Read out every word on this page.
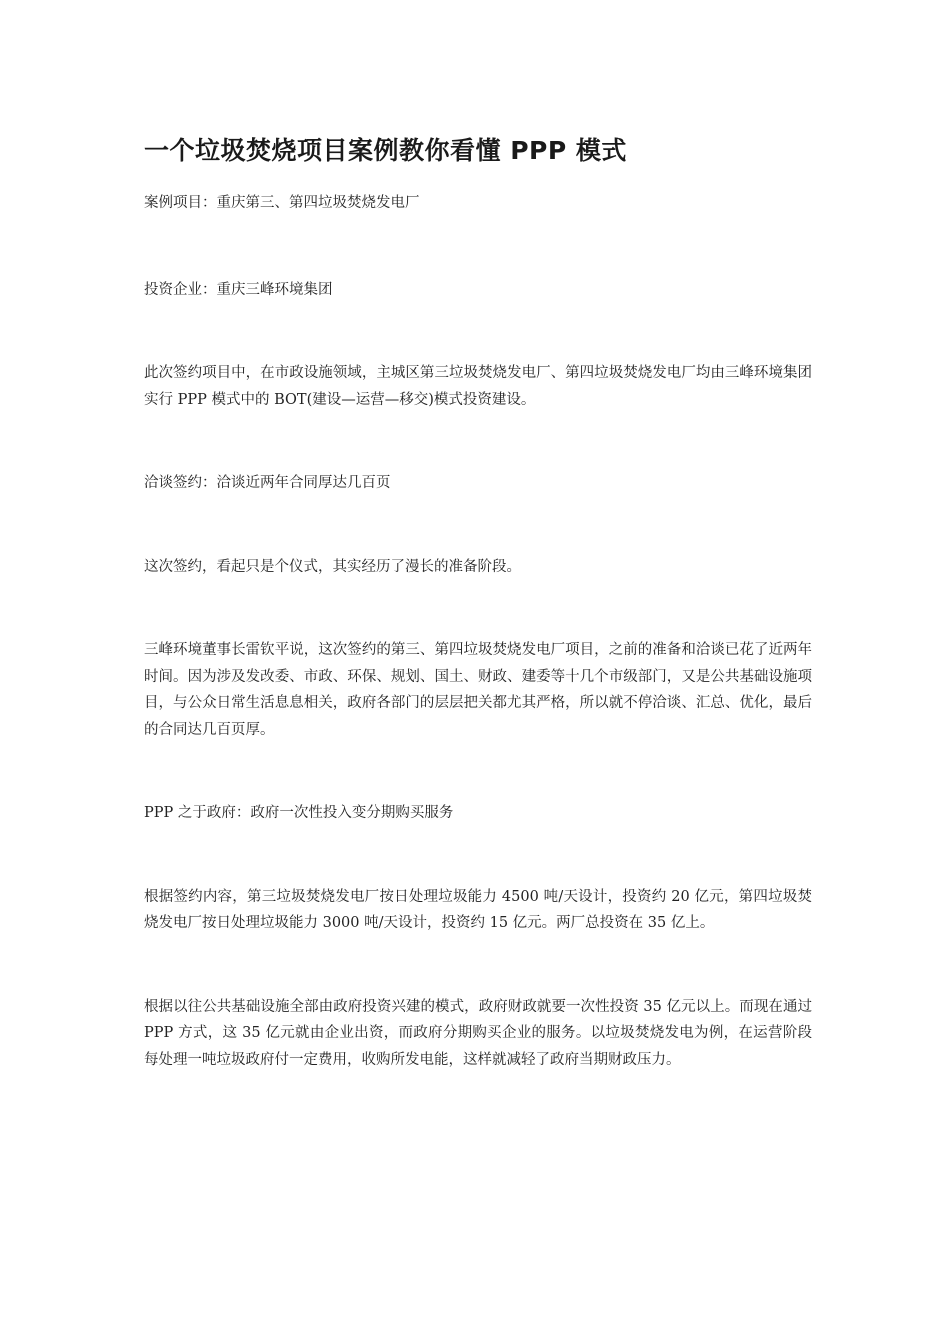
一个垃圾焚烧项目案例教你看懂 PPP 模式

案例项目：重庆第三、第四垃圾焚烧发电厂

投资企业：重庆三峰环境集团

此次签约项目中，在市政设施领域，主城区第三垃圾焚烧发电厂、第四垃圾焚烧发电厂均由三峰环境集团实行 PPP 模式中的 BOT(建设—运营—移交)模式投资建设。

洽谈签约：洽谈近两年合同厚达几百页

这次签约，看起只是个仪式，其实经历了漫长的准备阶段。

三峰环境董事长雷钦平说，这次签约的第三、第四垃圾焚烧发电厂项目，之前的准备和洽谈已花了近两年时间。因为涉及发改委、市政、环保、规划、国土、财政、建委等十几个市级部门，又是公共基础设施项目，与公众日常生活息息相关，政府各部门的层层把关都尤其严格，所以就不停洽谈、汇总、优化，最后的合同达几百页厚。

PPP 之于政府：政府一次性投入变分期购买服务

根据签约内容，第三垃圾焚烧发电厂按日处理垃圾能力 4500 吨/天设计，投资约 20 亿元，第四垃圾焚烧发电厂按日处理垃圾能力 3000 吨/天设计，投资约 15 亿元。两厂总投资在 35 亿上。

根据以往公共基础设施全部由政府投资兴建的模式，政府财政就要一次性投资 35 亿元以上。而现在通过 PPP 方式，这 35 亿元就由企业出资，而政府分期购买企业的服务。以垃圾焚烧发电为例，在运营阶段每处理一吨垃圾政府付一定费用，收购所发电能，这样就减轻了政府当期财政压力。
